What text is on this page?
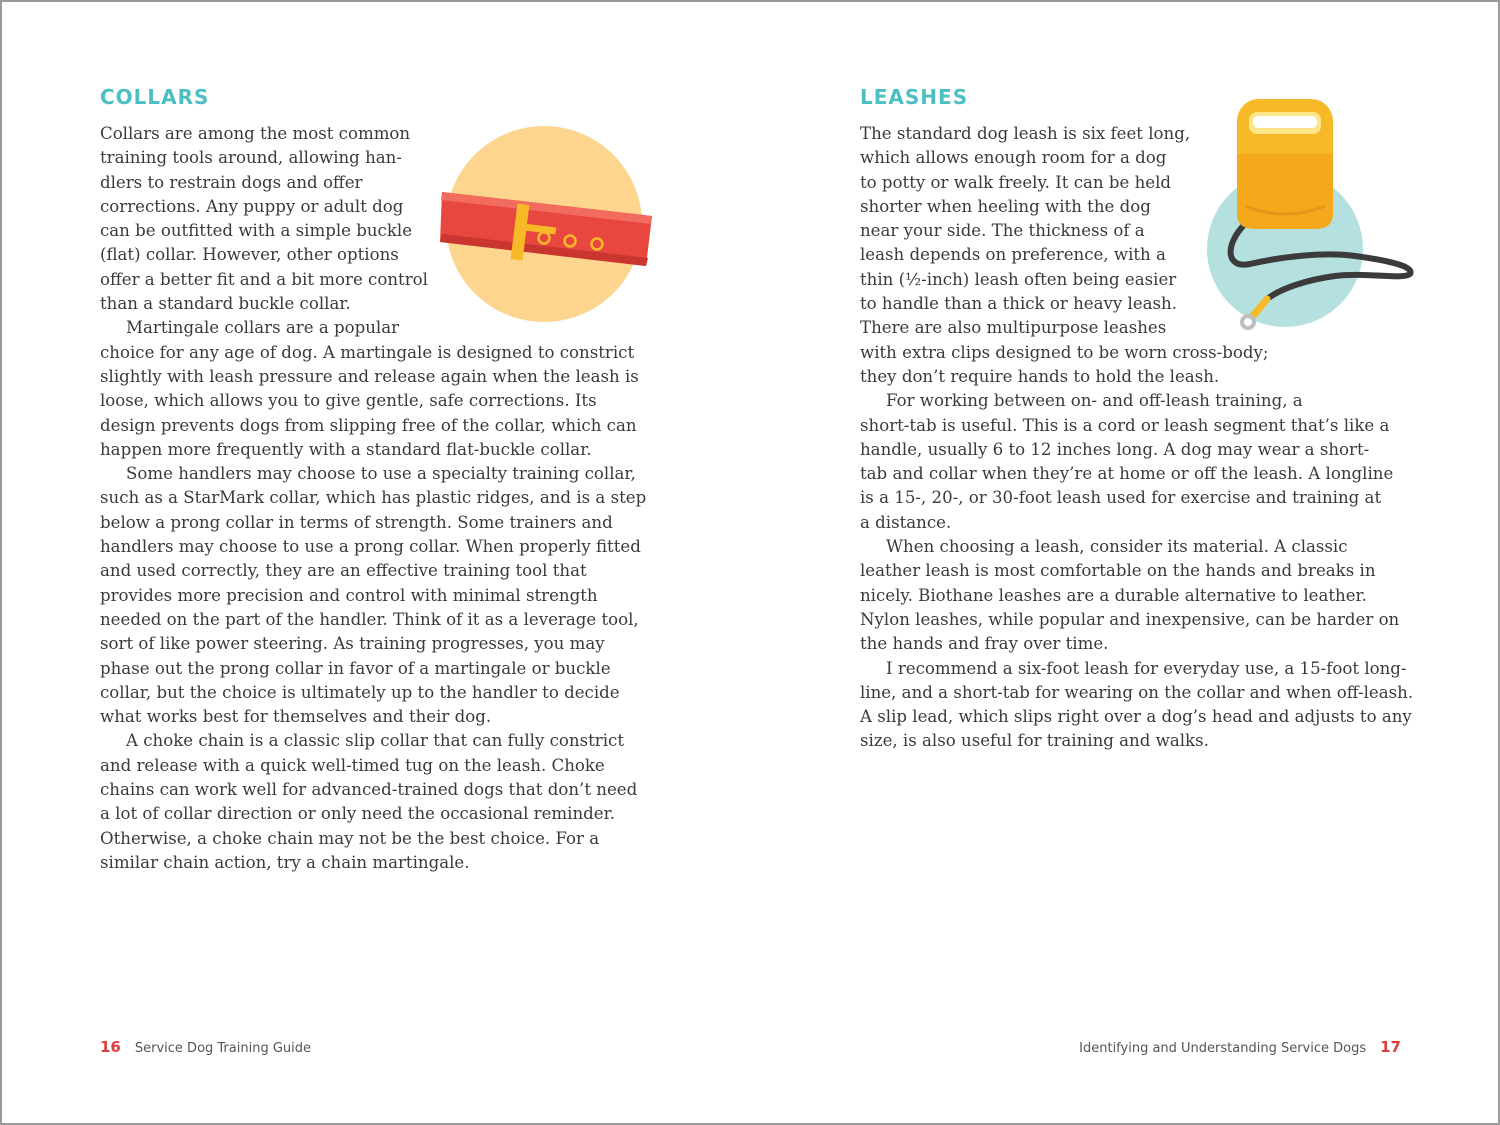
COLLARS

Collars are among the most common
training tools around, allowing han-
dlers to restrain dogs and offer
corrections. Any puppy or adult dog
can be outfitted with a simple buckle
(flat) collar. However, other options
offer a better fit and a bit more control
than a standard buckle collar.

Martingale collars are a popular
choice for any age of dog. A martingale is designed to constrict
slightly with leash pressure and release again when the leash is
loose, which allows you to give gentle, safe corrections. Its
design prevents dogs from slipping free of the collar, which can
happen more frequently with a standard flat-buckle collar.

Some handlers may choose to use a specialty training collar,
such as a StarMark collar, which has plastic ridges, and is a step
below a prong collar in terms of strength. Some trainers and
handlers may choose to use a prong collar. When properly fitted
and used correctly, they are an effective training tool that
provides more precision and control with minimal strength
needed on the part of the handler. Think of it as a leverage tool,
sort of like power steering. As training progresses, you may
phase out the prong collar in favor of a martingale or buckle
collar, but the choice is ultimately up to the handler to decide
what works best for themselves and their dog.

A choke chain is a classic slip collar that can fully constrict
and release with a quick well-timed tug on the leash. Choke
chains can work well for advanced-trained dogs that don’t need
a lot of collar direction or only need the occasional reminder.
Otherwise, a choke chain may not be the best choice. For a
similar chain action, try a chain martingale.

16 Service Dog Training Guide
LEASHES

The standard dog leash is six feet long,
which allows enough room for a dog
to potty or walk freely. It can be held
shorter when heeling with the dog
near your side. The thickness of a
leash depends on preference, with a
thin (½-inch) leash often being easier
to handle than a thick or heavy leash.
There are also multipurpose leashes
with extra clips designed to be worn cross-body;
they don’t require hands to hold the leash.

For working between on- and off-leash training, a
short-tab is useful. This is a cord or leash segment that’s like a
handle, usually 6 to 12 inches long. A dog may wear a short-
tab and collar when they’re at home or off the leash. A longline
is a 15-, 20-, or 30-foot leash used for exercise and training at
a distance.

When choosing a leash, consider its material. A classic
leather leash is most comfortable on the hands and breaks in
nicely. Biothane leashes are a durable alternative to leather.
Nylon leashes, while popular and inexpensive, can be harder on
the hands and fray over time.

I recommend a six-foot leash for everyday use, a 15-foot long-
line, and a short-tab for wearing on the collar and when off-leash.
A slip lead, which slips right over a dog’s head and adjusts to any
size, is also useful for training and walks.

Identifying and Understanding Service Dogs 17
